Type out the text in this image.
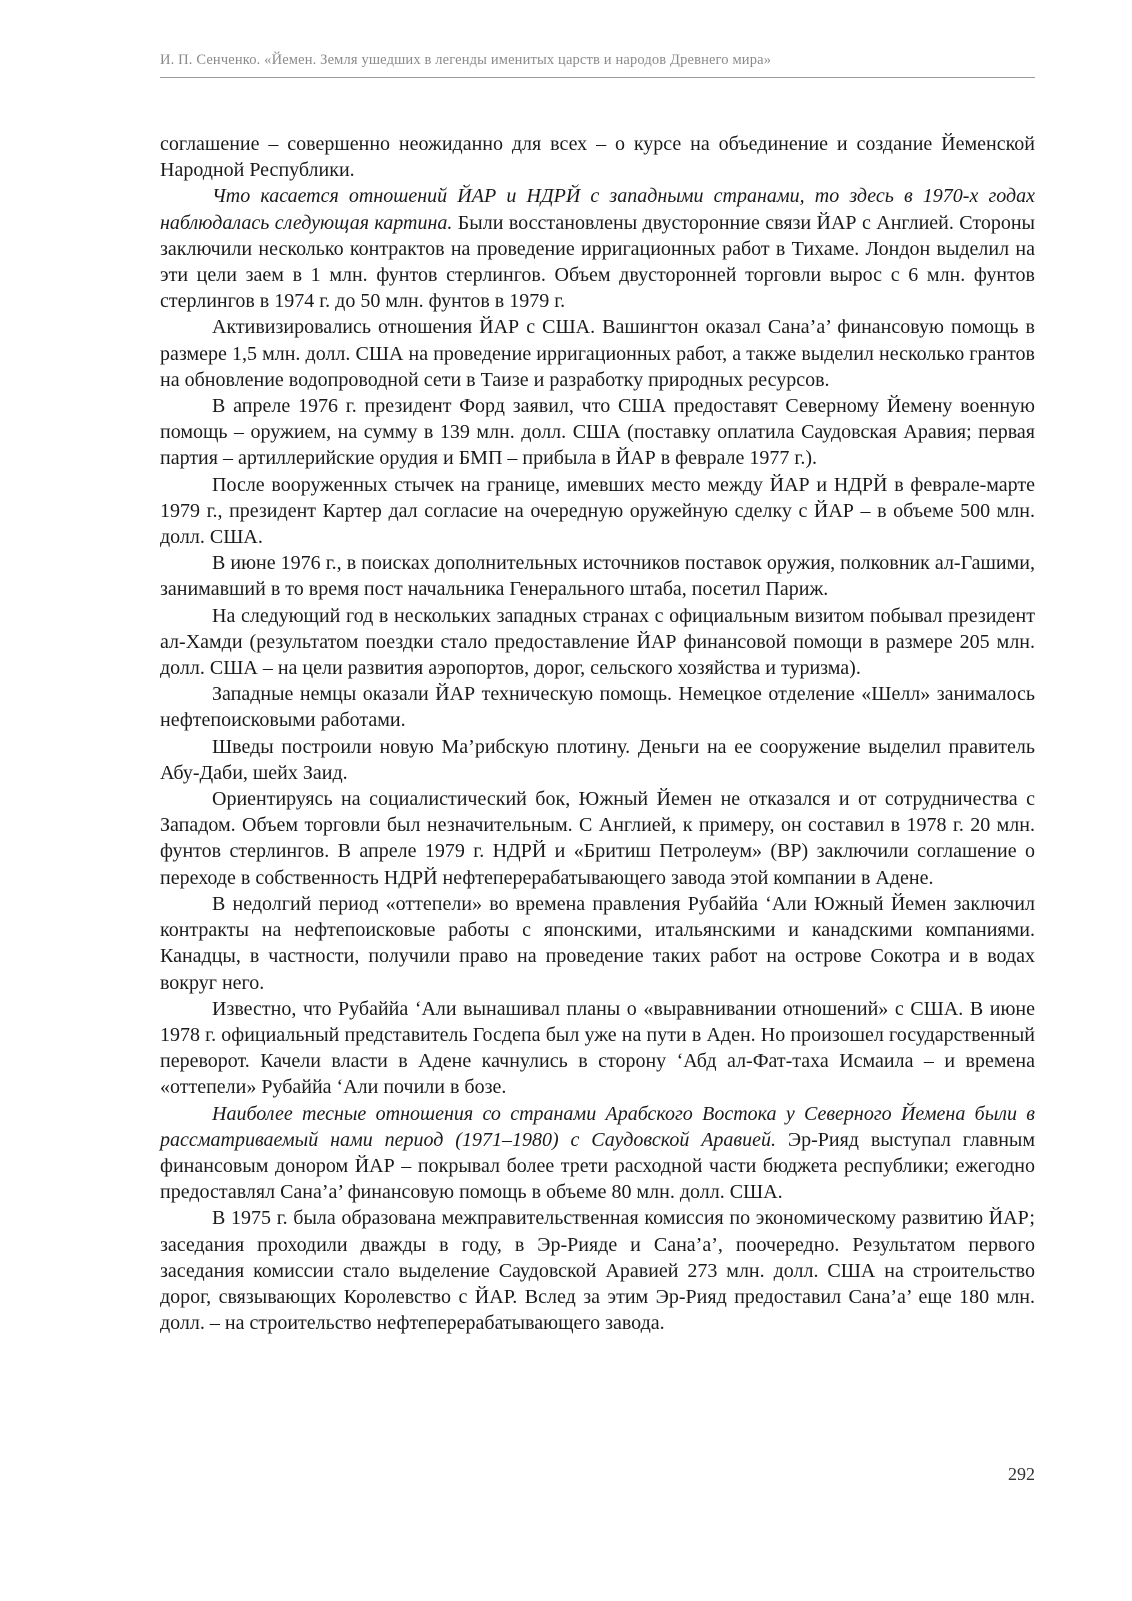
И. П. Сенченко. «Йемен. Земля ушедших в легенды именитых царств и народов Древнего мира»

соглашение – совершенно неожиданно для всех – о курсе на объединение и создание Йеменской Народной Республики.

Что касается отношений ЙАР и НДРЙ с западными странами, то здесь в 1970-х годах наблюдалась следующая картина. Были восстановлены двусторонние связи ЙАР с Англией. Стороны заключили несколько контрактов на проведение ирригационных работ в Тихаме. Лондон выделил на эти цели заем в 1 млн. фунтов стерлингов. Объем двусторонней торговли вырос с 6 млн. фунтов стерлингов в 1974 г. до 50 млн. фунтов в 1979 г.

Активизировались отношения ЙАР с США. Вашингтон оказал Сана’а’ финансовую помощь в размере 1,5 млн. долл. США на проведение ирригационных работ, а также выделил несколько грантов на обновление водопроводной сети в Таизе и разработку природных ресурсов.

В апреле 1976 г. президент Форд заявил, что США предоставят Северному Йемену военную помощь – оружием, на сумму в 139 млн. долл. США (поставку оплатила Саудовская Аравия; первая партия – артиллерийские орудия и БМП – прибыла в ЙАР в феврале 1977 г.).

После вооруженных стычек на границе, имевших место между ЙАР и НДРЙ в феврале-марте 1979 г., президент Картер дал согласие на очередную оружейную сделку с ЙАР – в объеме 500 млн. долл. США.

В июне 1976 г., в поисках дополнительных источников поставок оружия, полковник ал-Гашими, занимавший в то время пост начальника Генерального штаба, посетил Париж.

На следующий год в нескольких западных странах с официальным визитом побывал президент ал-Хамди (результатом поездки стало предоставление ЙАР финансовой помощи в размере 205 млн. долл. США – на цели развития аэропортов, дорог, сельского хозяйства и туризма).

Западные немцы оказали ЙАР техническую помощь. Немецкое отделение «Шелл» занималось нефтепоисковыми работами.

Шведы построили новую Ма’рибскую плотину. Деньги на ее сооружение выделил правитель Абу-Даби, шейх Заид.

Ориентируясь на социалистический бок, Южный Йемен не отказался и от сотрудничества с Западом. Объем торговли был незначительным. С Англией, к примеру, он составил в 1978 г. 20 млн. фунтов стерлингов. В апреле 1979 г. НДРЙ и «Бритиш Петролеум» (ВР) заключили соглашение о переходе в собственность НДРЙ нефтеперерабатывающего завода этой компании в Адене.

В недолгий период «оттепели» во времена правления Рубаййа ‘Али Южный Йемен заключил контракты на нефтепоисковые работы с японскими, итальянскими и канадскими компаниями. Канадцы, в частности, получили право на проведение таких работ на острове Сокотра и в водах вокруг него.

Известно, что Рубаййа ‘Али вынашивал планы о «выравнивании отношений» с США. В июне 1978 г. официальный представитель Госдепа был уже на пути в Аден. Но произошел государственный переворот. Качели власти в Адене качнулись в сторону ‘Абд ал-Фат-таха Исмаила – и времена «оттепели» Рубаййа ‘Али почили в бозе.

Наиболее тесные отношения со странами Арабского Востока у Северного Йемена были в рассматриваемый нами период (1971–1980) с Саудовской Аравией. Эр-Рияд выступал главным финансовым донором ЙАР – покрывал более трети расходной части бюджета республики; ежегодно предоставлял Сана’а’ финансовую помощь в объеме 80 млн. долл. США.

В 1975 г. была образована межправительственная комиссия по экономическому развитию ЙАР; заседания проходили дважды в году, в Эр-Рияде и Сана’а’, поочередно. Результатом первого заседания комиссии стало выделение Саудовской Аравией 273 млн. долл. США на строительство дорог, связывающих Королевство с ЙАР. Вслед за этим Эр-Рияд предоставил Сана’а’ еще 180 млн. долл. – на строительство нефтеперерабатывающего завода.

292
